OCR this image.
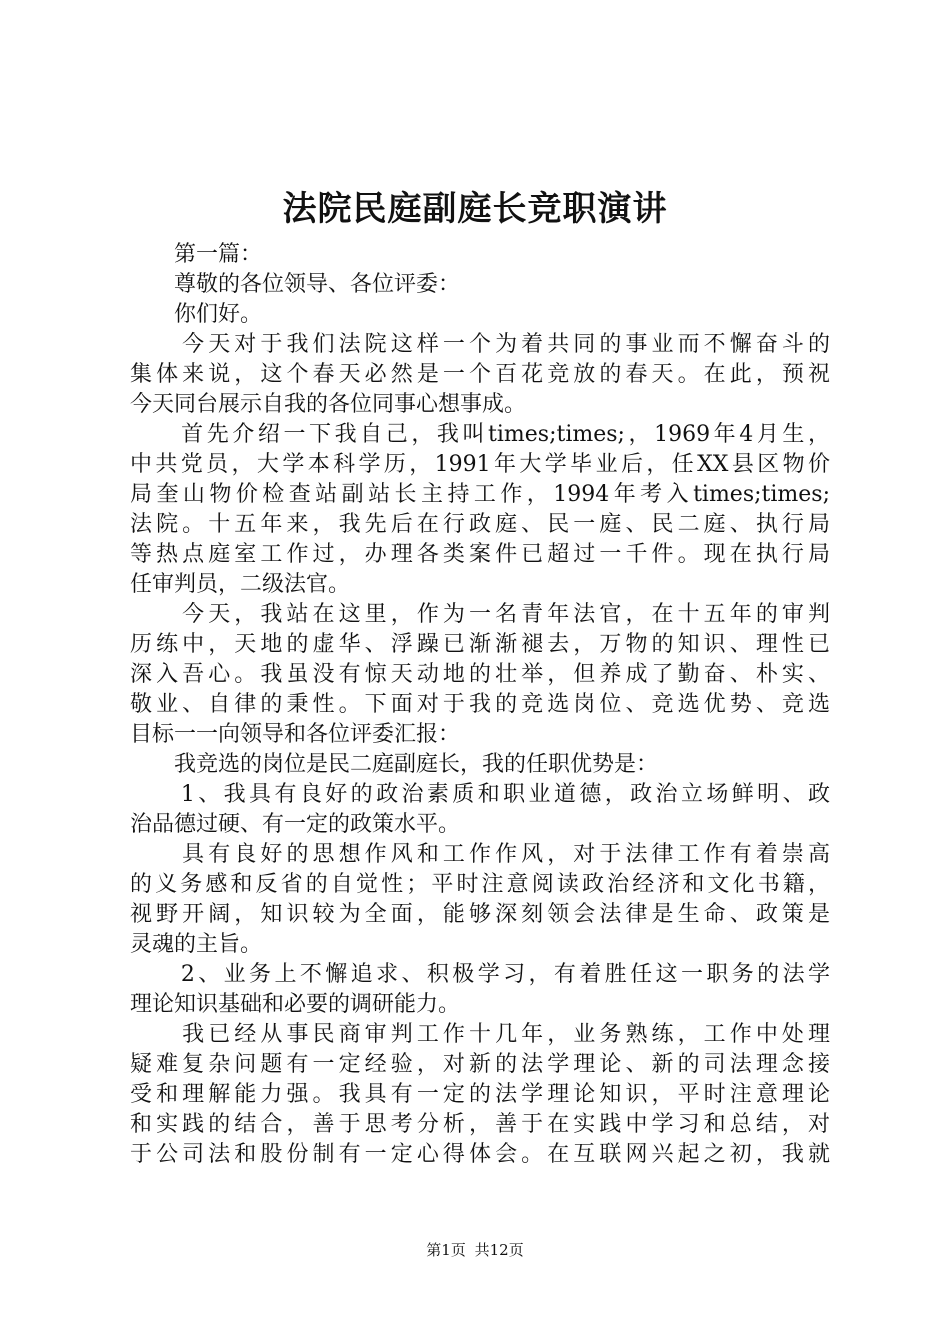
法院民庭副庭长竞职演讲
　　第一篇：
　　尊敬的各位领导、各位评委：
　　你们好。
　　今天对于我们法院这样一个为着共同的事业而不懈奋斗的
集体来说，这个春天必然是一个百花竞放的春天。在此，预祝
今天同台展示自我的各位同事心想事成。
　　首先介绍一下我自己，我叫times;times;，1969年4月生，
中共党员，大学本科学历，1991年大学毕业后，任XX县区物价
局奎山物价检查站副站长主持工作，1994年考入times;times;
法院。十五年来，我先后在行政庭、民一庭、民二庭、执行局
等热点庭室工作过，办理各类案件已超过一千件。现在执行局
任审判员，二级法官。
　　今天，我站在这里，作为一名青年法官，在十五年的审判
历练中，天地的虚华、浮躁已渐渐褪去，万物的知识、理性已
深入吾心。我虽没有惊天动地的壮举，但养成了勤奋、朴实、
敬业、自律的秉性。下面对于我的竞选岗位、竞选优势、竞选
目标一一向领导和各位评委汇报：
　　我竞选的岗位是民二庭副庭长，我的任职优势是：
　　1、我具有良好的政治素质和职业道德，政治立场鲜明、政
治品德过硬、有一定的政策水平。
　　具有良好的思想作风和工作作风，对于法律工作有着崇高
的义务感和反省的自觉性；平时注意阅读政治经济和文化书籍，
视野开阔，知识较为全面，能够深刻领会法律是生命、政策是
灵魂的主旨。
　　2、业务上不懈追求、积极学习，有着胜任这一职务的法学
理论知识基础和必要的调研能力。
　　我已经从事民商审判工作十几年，业务熟练，工作中处理
疑难复杂问题有一定经验，对新的法学理论、新的司法理念接
受和理解能力强。我具有一定的法学理论知识，平时注意理论
和实践的结合，善于思考分析，善于在实践中学习和总结，对
于公司法和股份制有一定心得体会。在互联网兴起之初，我就
第1页 共12页
